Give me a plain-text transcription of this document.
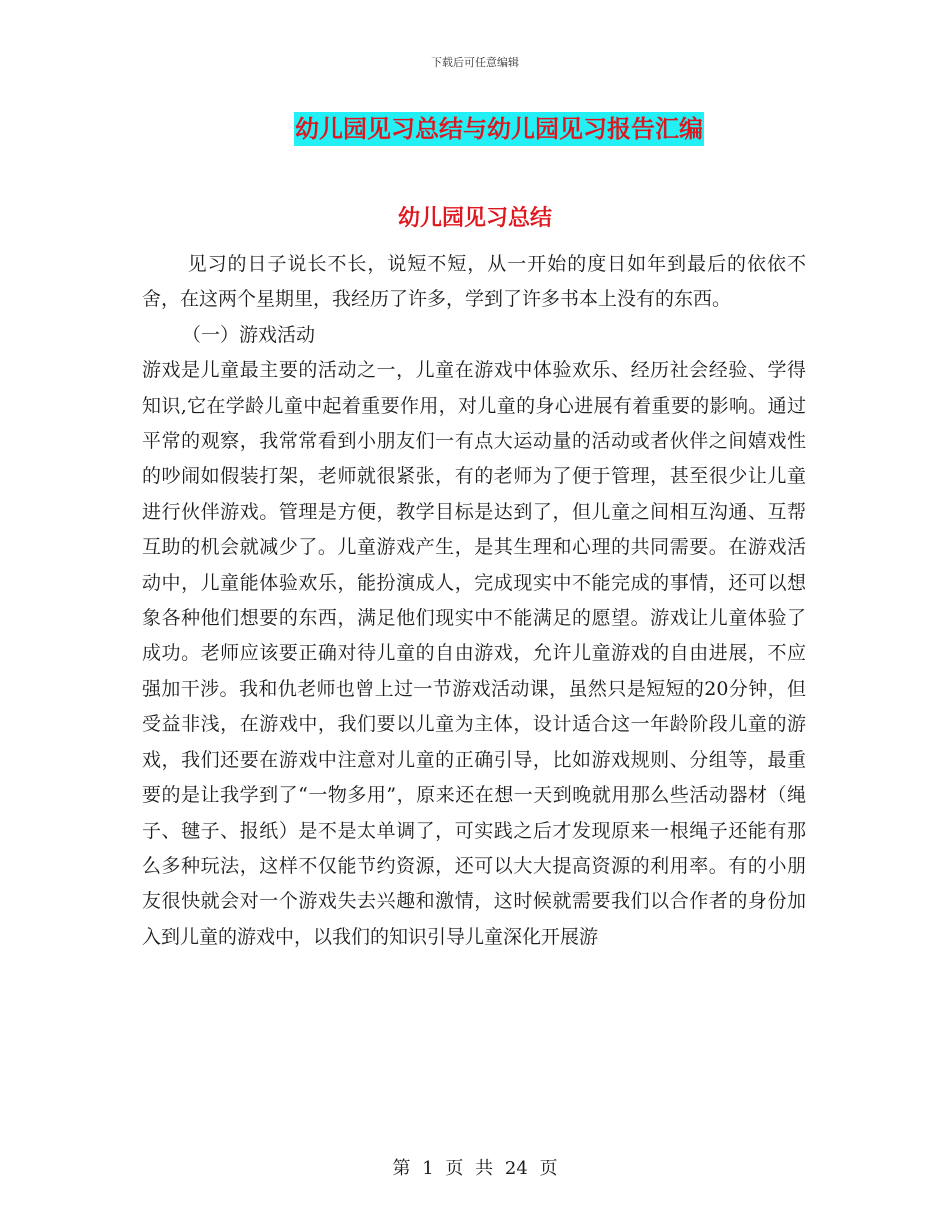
下载后可任意编辑
幼儿园见习总结与幼儿园见习报告汇编
幼儿园见习总结

见习的日子说长不长，说短不短，从一开始的度日如年到最后的依依不舍，在这两个星期里，我经历了许多，学到了许多书本上没有的东西。

（一）游戏活动

游戏是儿童最主要的活动之一，儿童在游戏中体验欢乐、经历社会经验、学得知识,它在学龄儿童中起着重要作用，对儿童的身心进展有着重要的影响。通过平常的观察，我常常看到小朋友们一有点大运动量的活动或者伙伴之间嬉戏性的吵闹如假装打架，老师就很紧张，有的老师为了便于管理，甚至很少让儿童进行伙伴游戏。管理是方便，教学目标是达到了，但儿童之间相互沟通、互帮互助的机会就减少了。儿童游戏产生，是其生理和心理的共同需要。在游戏活动中，儿童能体验欢乐，能扮演成人，完成现实中不能完成的事情，还可以想象各种他们想要的东西，满足他们现实中不能满足的愿望。游戏让儿童体验了成功。老师应该要正确对待儿童的自由游戏，允许儿童游戏的自由进展，不应强加干涉。我和仇老师也曾上过一节游戏活动课，虽然只是短短的20分钟，但受益非浅，在游戏中，我们要以儿童为主体，设计适合这一年龄阶段儿童的游戏，我们还要在游戏中注意对儿童的正确引导，比如游戏规则、分组等，最重要的是让我学到了“一物多用”，原来还在想一天到晚就用那么些活动器材（绳子、毽子、报纸）是不是太单调了，可实践之后才发现原来一根绳子还能有那么多种玩法，这样不仅能节约资源，还可以大大提高资源的利用率。有的小朋友很快就会对一个游戏失去兴趣和激情，这时候就需要我们以合作者的身份加入到儿童的游戏中，以我们的知识引导儿童深化开展游

第 1 页 共 24 页
